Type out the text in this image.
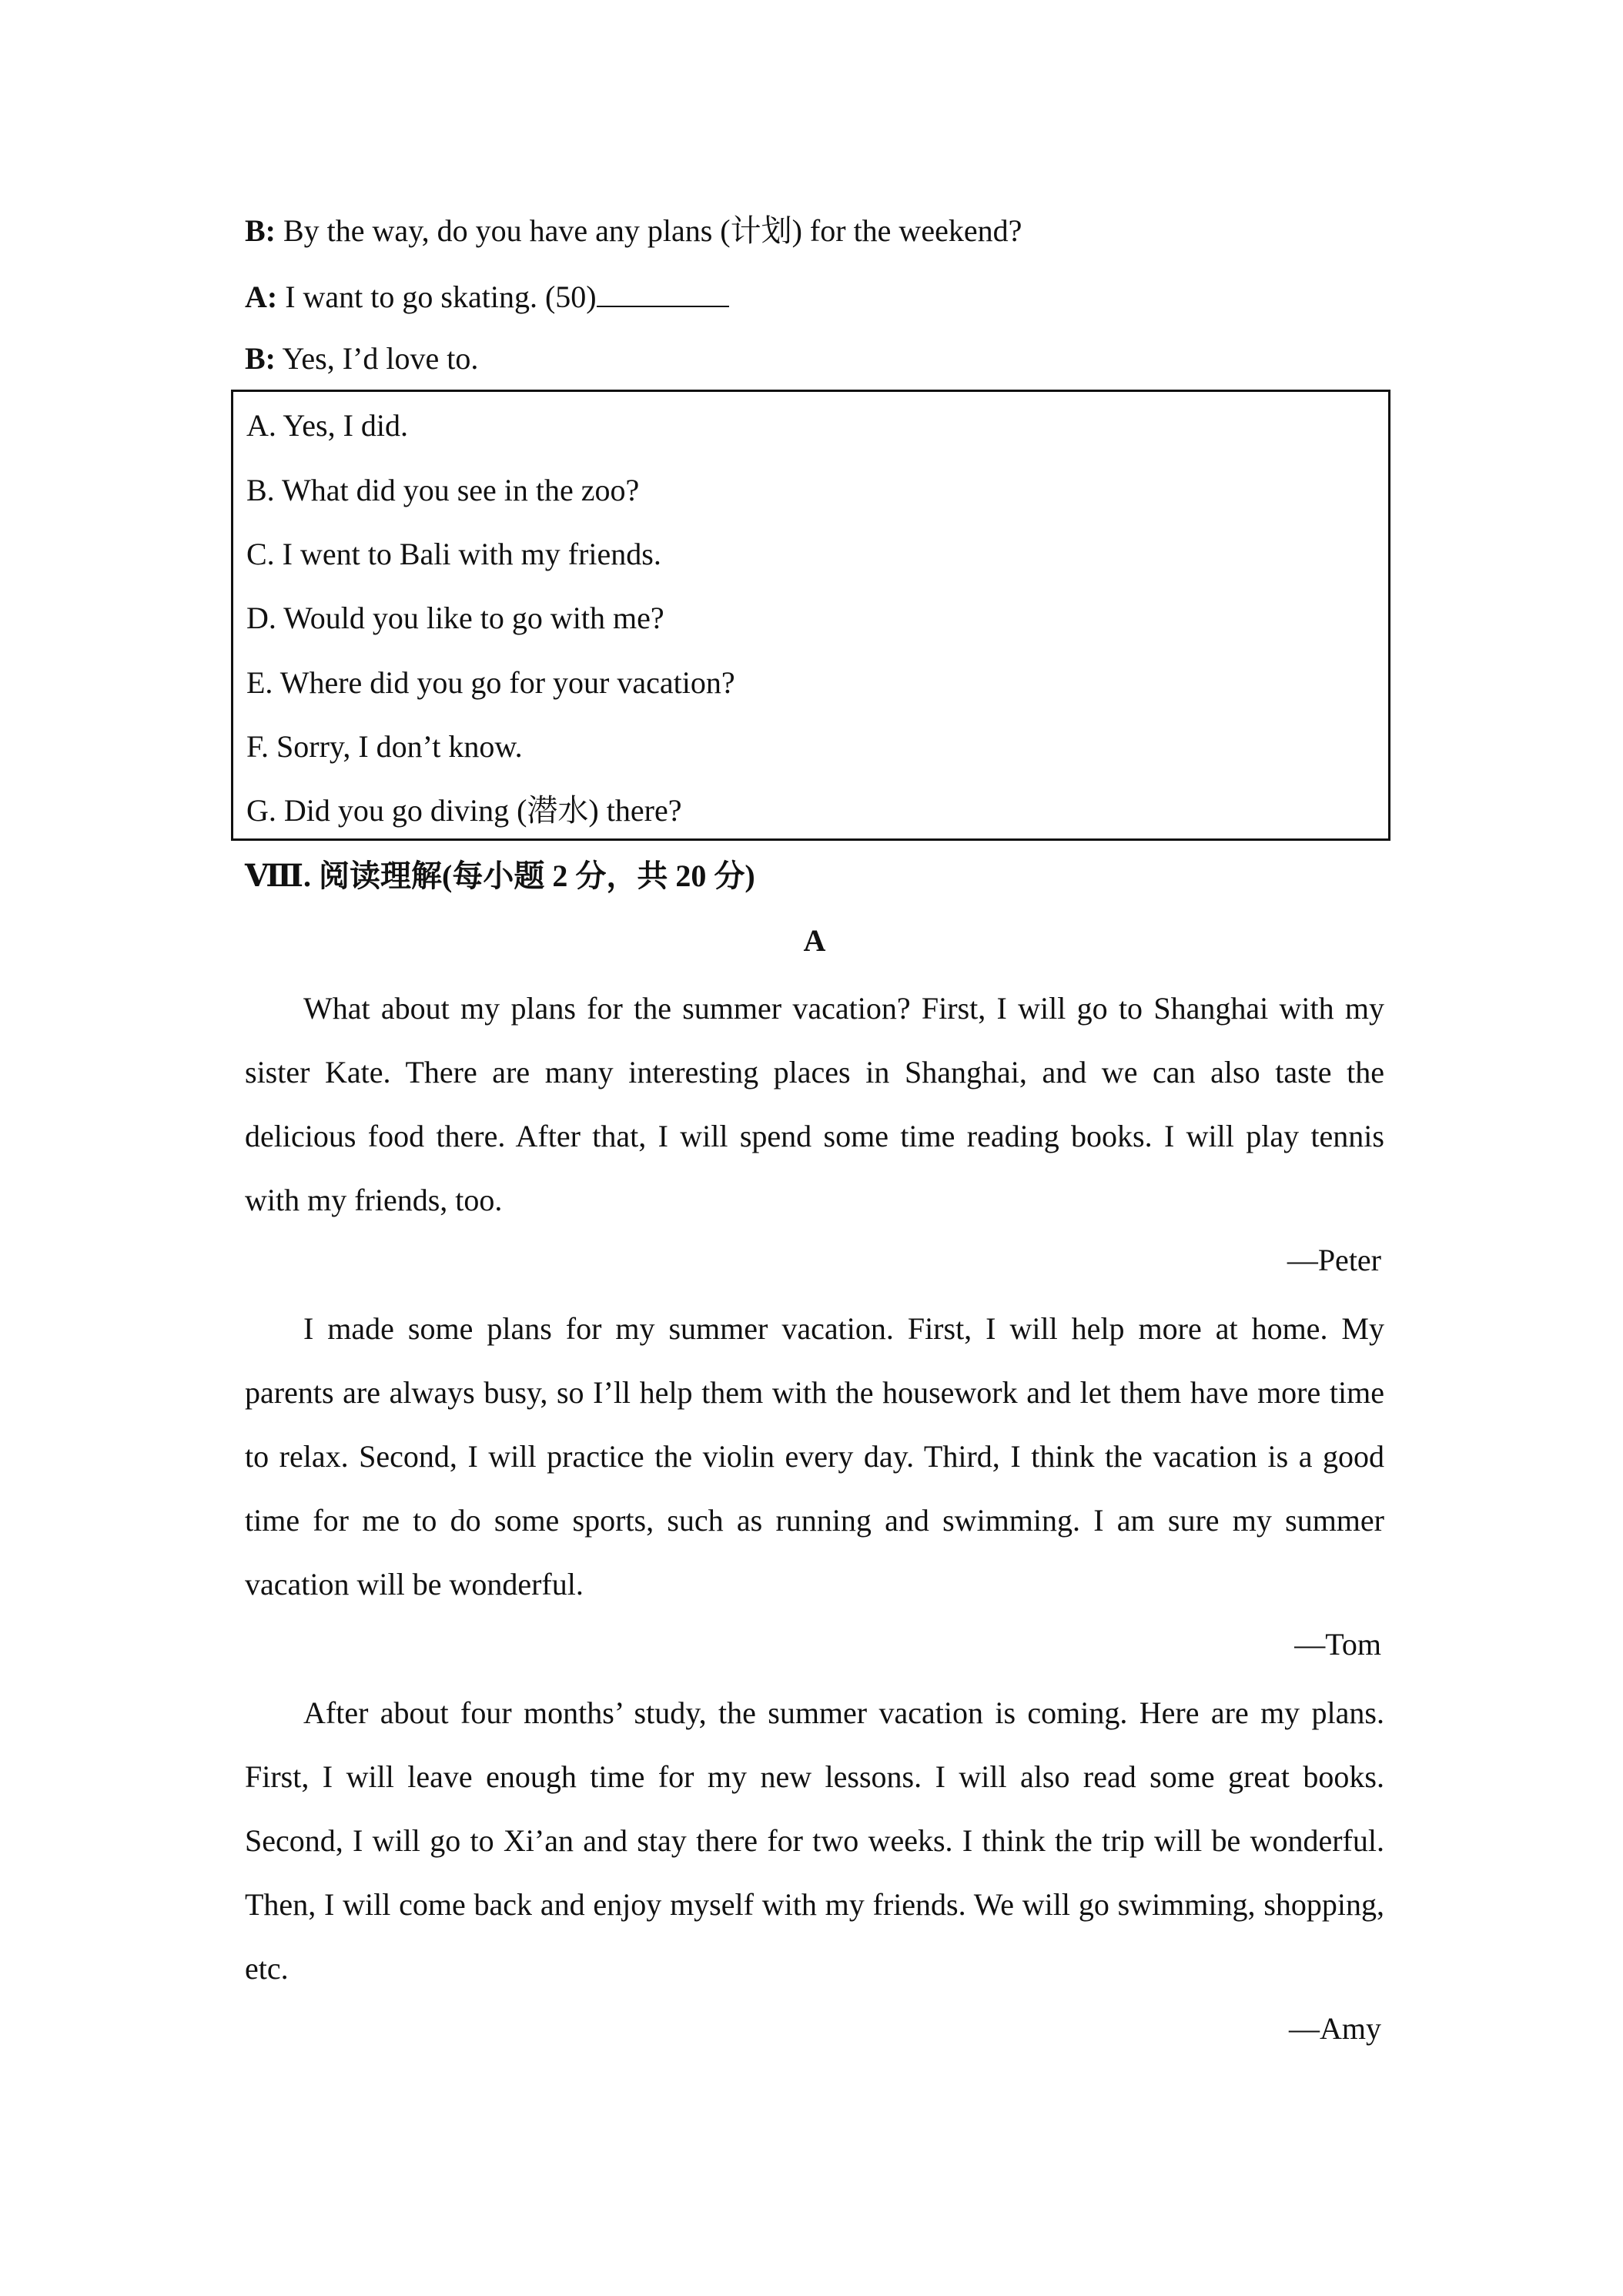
B: By the way, do you have any plans (计划) for the weekend?
A: I want to go skating. (50)
B: Yes, I’d love to.
A. Yes, I did.
B. What did you see in the zoo?
C. I went to Bali with my friends.
D. Would you like to go with me?
E. Where did you go for your vacation?
F. Sorry, I don’t know.
G. Did you go diving (潜水) there?
Ⅷ. 阅读理解(每小题 2 分，共 20 分)
A

What about my plans for the summer vacation? First, I will go to Shanghai with my sister Kate. There are many interesting places in Shanghai, and we can also taste the delicious food there. After that, I will spend some time reading books. I will play tennis with my friends, too.

—Peter

I made some plans for my summer vacation. First, I will help more at home. My parents are always busy, so I’ll help them with the housework and let them have more time to relax. Second, I will practice the violin every day. Third, I think the vacation is a good time for me to do some sports, such as running and swimming. I am sure my summer vacation will be wonderful.

—Tom

After about four months’ study, the summer vacation is coming. Here are my plans. First, I will leave enough time for my new lessons. I will also read some great books. Second, I will go to Xi’an and stay there for two weeks. I think the trip will be wonderful. Then, I will come back and enjoy myself with my friends. We will go swimming, shopping, etc.

—Amy
